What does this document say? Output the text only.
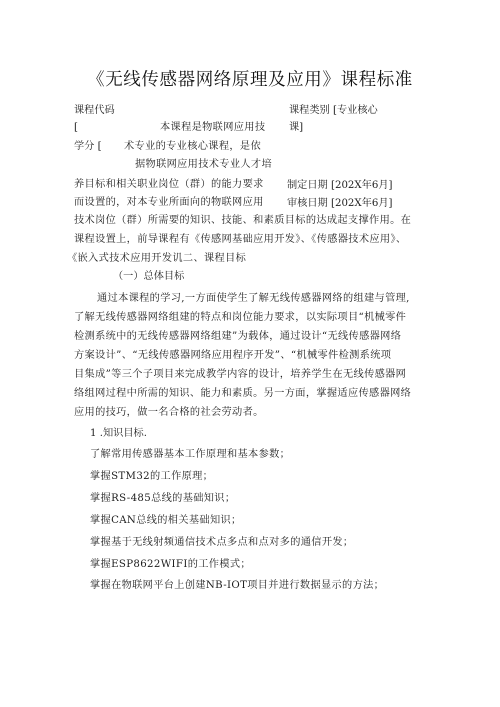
《无线传感器网络原理及应用》课程标准
课程代码
[
学分 [
本课程是物联网应用技
术专业的专业核心课程，是依
据物联网应用技术专业人才培
课程类别 [专业核心
课]
养目标和相关职业岗位（群）的能力要求 制定日期 [202X年6月]
而设置的，对本专业所面向的物联网应用 审核日期 [202X年6月]
技术岗位（群）所需要的知识、技能、和素质目标的达成起支撑作用。在
课程设置上，前导课程有《传感网基础应用开发》、《传感器技术应用》、
《嵌入式技术应用开发讥二、课程目标
（一）总体目标
通过本课程的学习,一方面使学生了解无线传感器网络的组建与管理,
了解无线传感器网络组建的特点和岗位能力要求，以实际项目“机械零件
检测系统中的无线传感器网络组建”为载体，通过设计“无线传感器网络
方案设计”、“无线传感器网络应用程序开发”、“机械零件检测系统项
目集成”等三个子项目来完成教学内容的设计，培养学生在无线传感器网
络组网过程中所需的知识、能力和素质。另一方面，掌握适应传感器网络
应用的技巧，做一名合格的社会劳动者。
1 .知识目标.
了解常用传感器基本工作原理和基本参数；
掌握STM32的工作原理；
掌握RS-485总线的基础知识；
掌握CAN总线的相关基础知识；
掌握基于无线射频通信技术点多点和点对多的通信开发；
掌握ESP8622WIFI的工作模式；
掌握在物联网平台上创建NB-IOT项目并进行数据显示的方法；
